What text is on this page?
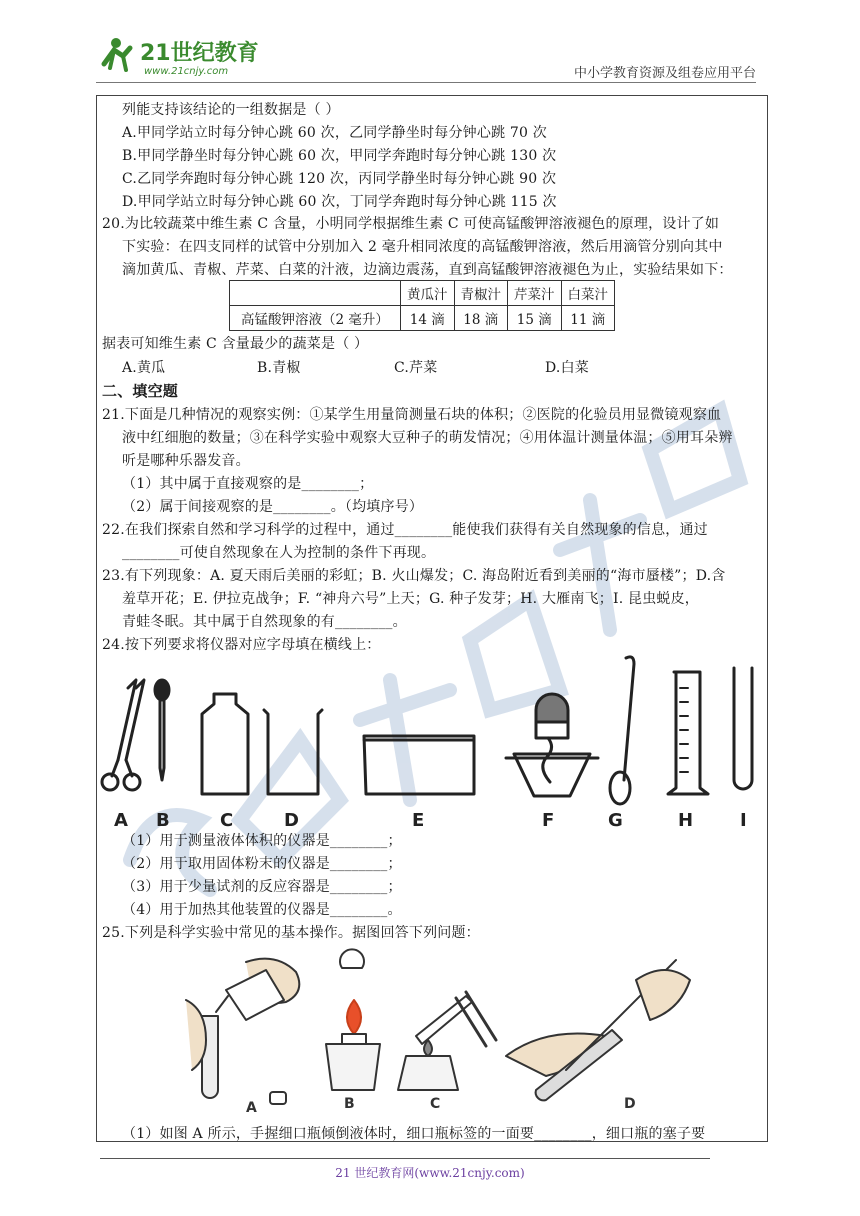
21世纪教育
www.21cnjy.com	中小学教育资源及组卷应用平台
列能支持该结论的一组数据是（ ）
A.甲同学站立时每分钟心跳 60 次，乙同学静坐时每分钟心跳 70 次
B.甲同学静坐时每分钟心跳 60 次，甲同学奔跑时每分钟心跳 130 次
C.乙同学奔跑时每分钟心跳 120 次，丙同学静坐时每分钟心跳 90 次
D.甲同学站立时每分钟心跳 60 次，丁同学奔跑时每分钟心跳 115 次
20.为比较蔬菜中维生素 C 含量，小明同学根据维生素 C 可使高锰酸钾溶液褪色的原理，设计了如
下实验：在四支同样的试管中分别加入 2 毫升相同浓度的高锰酸钾溶液，然后用滴管分别向其中
滴加黄瓜、青椒、芹菜、白菜的汁液，边滴边震荡，直到高锰酸钾溶液褪色为止，实验结果如下：
	黄瓜汁	青椒汁	芹菜汁	白菜汁
高锰酸钾溶液（2 毫升）	14 滴	18 滴	15 滴	11 滴
据表可知维生素 C 含量最少的蔬菜是（ ）
A.黄瓜	B.青椒	C.芹菜	D.白菜
二、填空题
21.下面是几种情况的观察实例：①某学生用量筒测量石块的体积；②医院的化验员用显微镜观察血
液中红细胞的数量；③在科学实验中观察大豆种子的萌发情况；④用体温计测量体温；⑤用耳朵辨
听是哪种乐器发音。
（1）其中属于直接观察的是________；
（2）属于间接观察的是________。（均填序号）
22.在我们探索自然和学习科学的过程中，通过________能使我们获得有关自然现象的信息，通过
________可使自然现象在人为控制的条件下再现。
23.有下列现象：A. 夏天雨后美丽的彩虹；B. 火山爆发；C. 海岛附近看到美丽的“海市蜃楼”；D.含
羞草开花；E. 伊拉克战争；F. “神舟六号”上天；G. 种子发芽；H. 大雁南飞；I. 昆虫蜕皮，
青蛙冬眠。其中属于自然现象的有________。
24.按下列要求将仪器对应字母填在横线上：
A B	C	D	E	F	G	H	I
（1）用于测量液体体积的仪器是________；
（2）用于取用固体粉末的仪器是________；
（3）用于少量试剂的反应容器是________；
（4）用于加热其他装置的仪器是________。
25.下列是科学实验中常见的基本操作。据图回答下列问题：
A	B	C	D
（1）如图 A 所示，手握细口瓶倾倒液体时，细口瓶标签的一面要________，细口瓶的塞子要
21 世纪教育网(www.21cnjy.com)
